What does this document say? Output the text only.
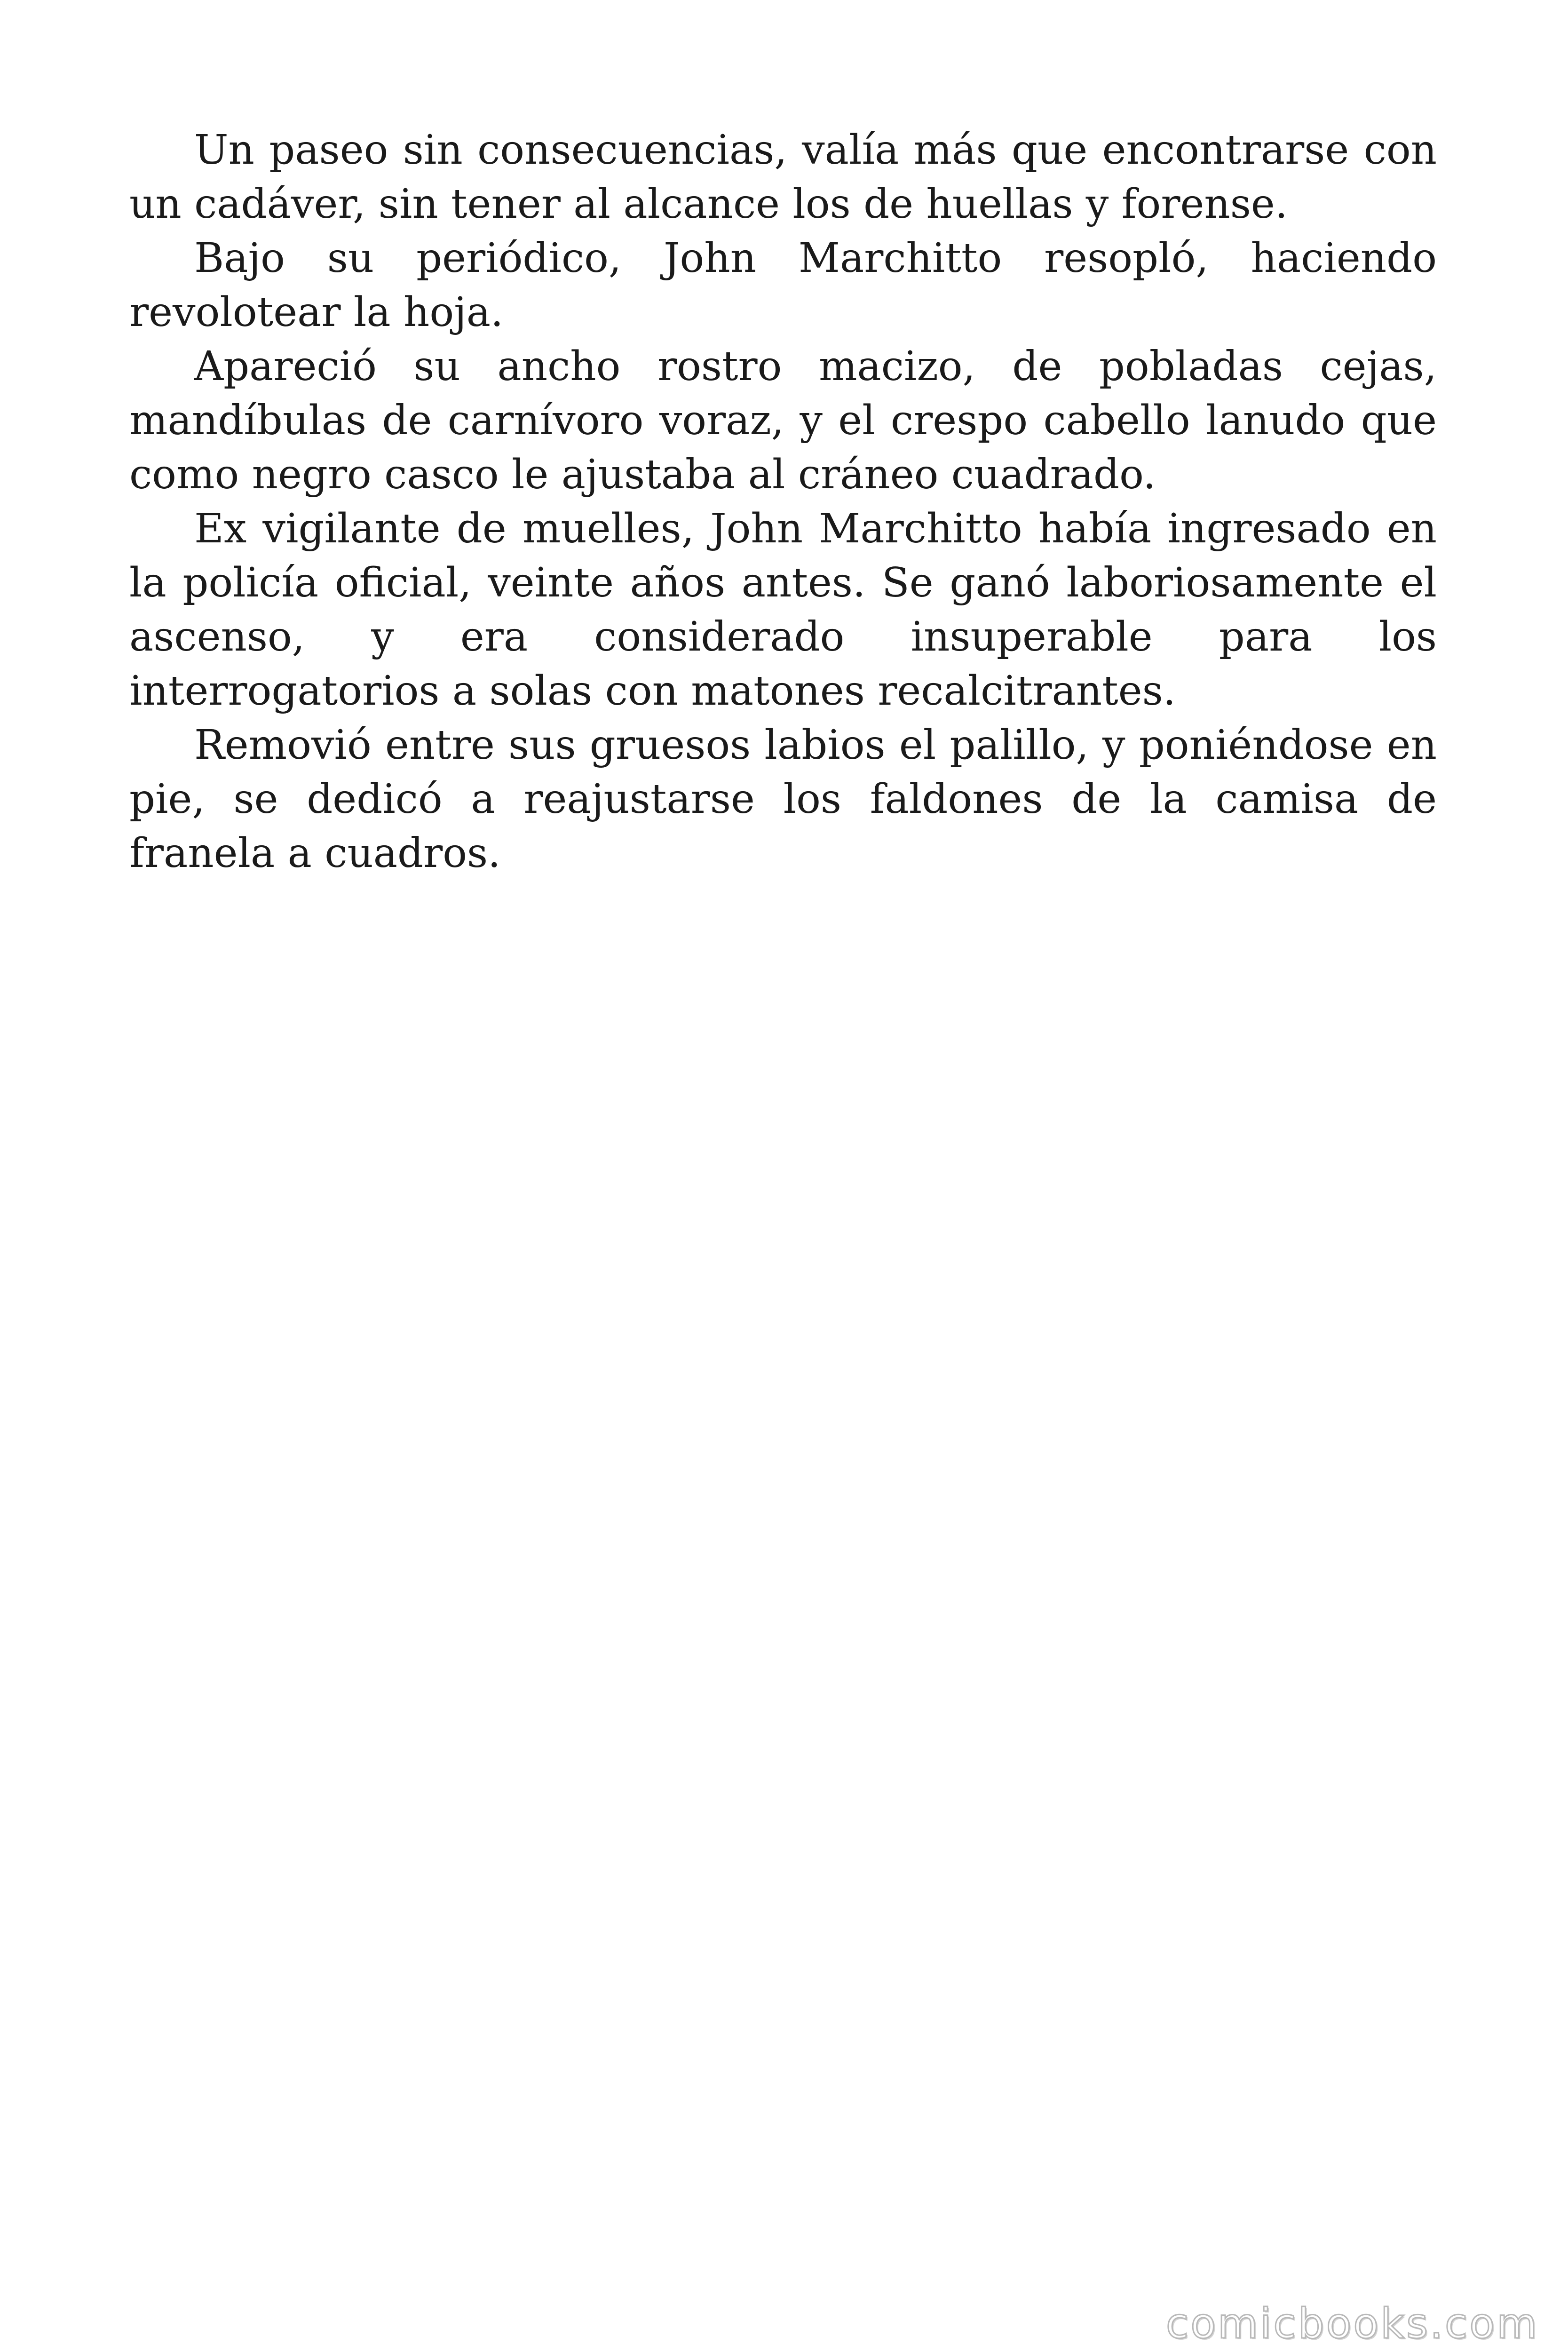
Un paseo sin consecuencias, valía más que encontrarse con un cadáver, sin tener al alcance los de huellas y forense.

Bajo su periódico, John Marchitto resopló, haciendo revolotear la hoja.

Apareció su ancho rostro macizo, de pobladas cejas, mandíbulas de carnívoro voraz, y el crespo cabello lanudo que como negro casco le ajustaba al cráneo cuadrado.

Ex vigilante de muelles, John Marchitto había ingresado en la policía oficial, veinte años antes. Se ganó laboriosamente el ascenso, y era considerado insuperable para los interrogatorios a solas con matones recalcitrantes.

Removió entre sus gruesos labios el palillo, y poniéndose en pie, se dedicó a reajustarse los faldones de la camisa de franela a cuadros.

comicbooks.com
